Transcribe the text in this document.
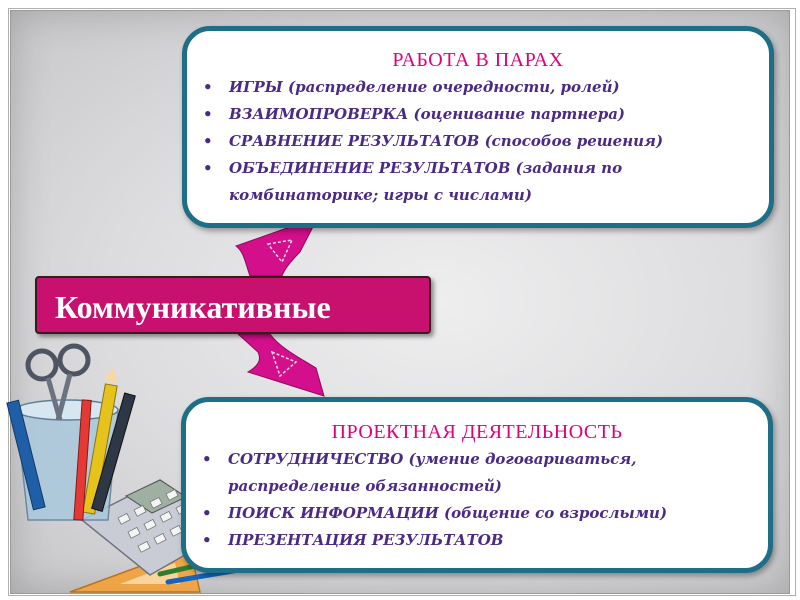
РАБОТА В ПАРАХ
• ИГРЫ (распределение очередности, ролей)
• ВЗАИМОПРОВЕРКА (оценивание партнера)
• СРАВНЕНИЕ РЕЗУЛЬТАТОВ (способов решения)
• ОБЪЕДИНЕНИЕ РЕЗУЛЬТАТОВ (задания по
комбинаторике; игры с числами)
Коммуникативные
ПРОЕКТНАЯ ДЕЯТЕЛЬНОСТЬ
• СОТРУДНИЧЕСТВО (умение договариваться,
распределение обязанностей)
• ПОИСК ИНФОРМАЦИИ (общение со взрослыми)
• ПРЕЗЕНТАЦИЯ РЕЗУЛЬТАТОВ
